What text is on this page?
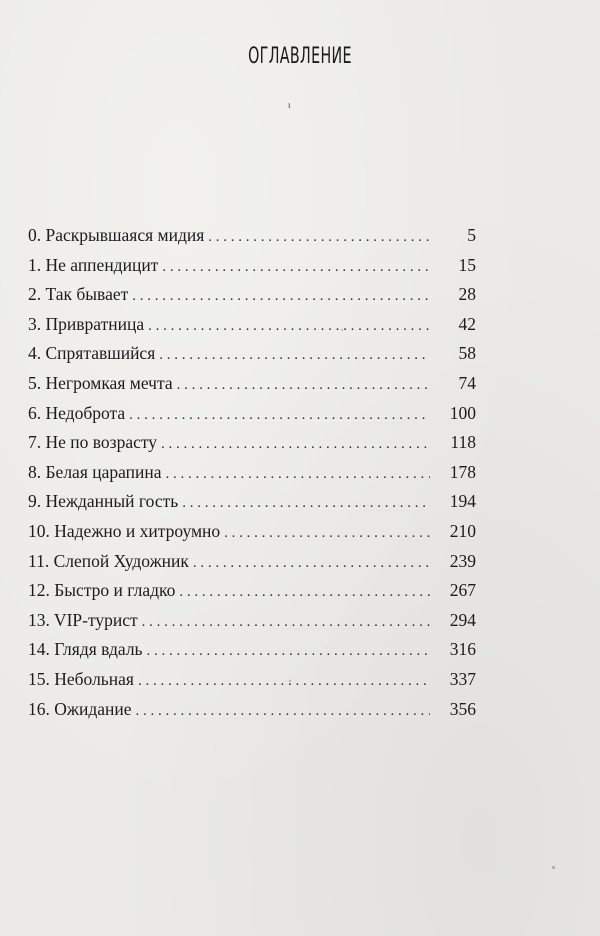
ОГЛАВЛЕНИЕ
ι
0. Раскрывшаяся мидия . . .	5
1. Не аппендицит . . .	15
2. Так бывает . . .	28
3. Привратница . . .	42
4. Спрятавшийся . . .	58
5. Негромкая мечта . . .	74
6. Недоброта . . .	100
7. Не по возрасту . . .	118
8. Белая царапина . . .	178
9. Нежданный гость . . .	194
10. Надежно и хитроумно . . .	210
11. Слепой Художник . . .	239
12. Быстро и гладко . . .	267
13. VIP-турист . . .	294
14. Глядя вдаль . . .	316
15. Небольная . . .	337
16. Ожидание . . .	356
